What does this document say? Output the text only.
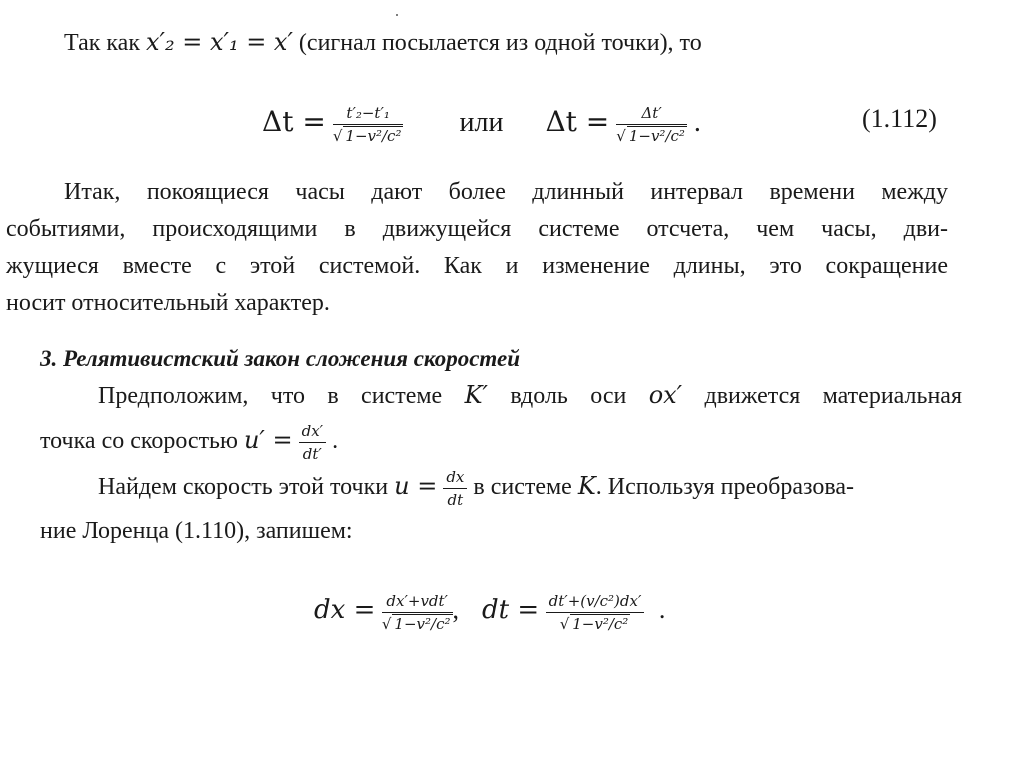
Так как x′₂ = x′₁ = x′ (сигнал посылается из одной точки), то
$\Delta t = \frac{\text{t′₂−t′₁}}{\text{√ 1−v²/c²}}$ или $\Delta t = \frac{\Delta t'}{\text{√ 1−v²/c²}}$ .	(1.112)
Итак, покоящиеся часы дают более длинный интервал времени между
событиями, происходящими в движущейся системе отсчета, чем часы, дви-
жущиеся вместе с этой системой. Как и изменение длины, это сокращение
носит относительный характер.
3. Релятивистский закон сложения скоростей
Предположим, что в системе K′ вдоль оси ox′ движется материальная
точка со скоростью $u' = \frac{dx'}{dt'}$ .
Найдем скорость этой точки $u = \frac{dx}{dt}$ в системе K. Используя преобразова-
ние Лоренца (1.110), запишем:
dx = $\frac{\text{dx′+vdt′}}{\text{√ 1−v²/c²}}$ , dt = $\frac{\text{dt′+(v/c²)dx′}}{\text{√ 1−v²/c²}}$ .
